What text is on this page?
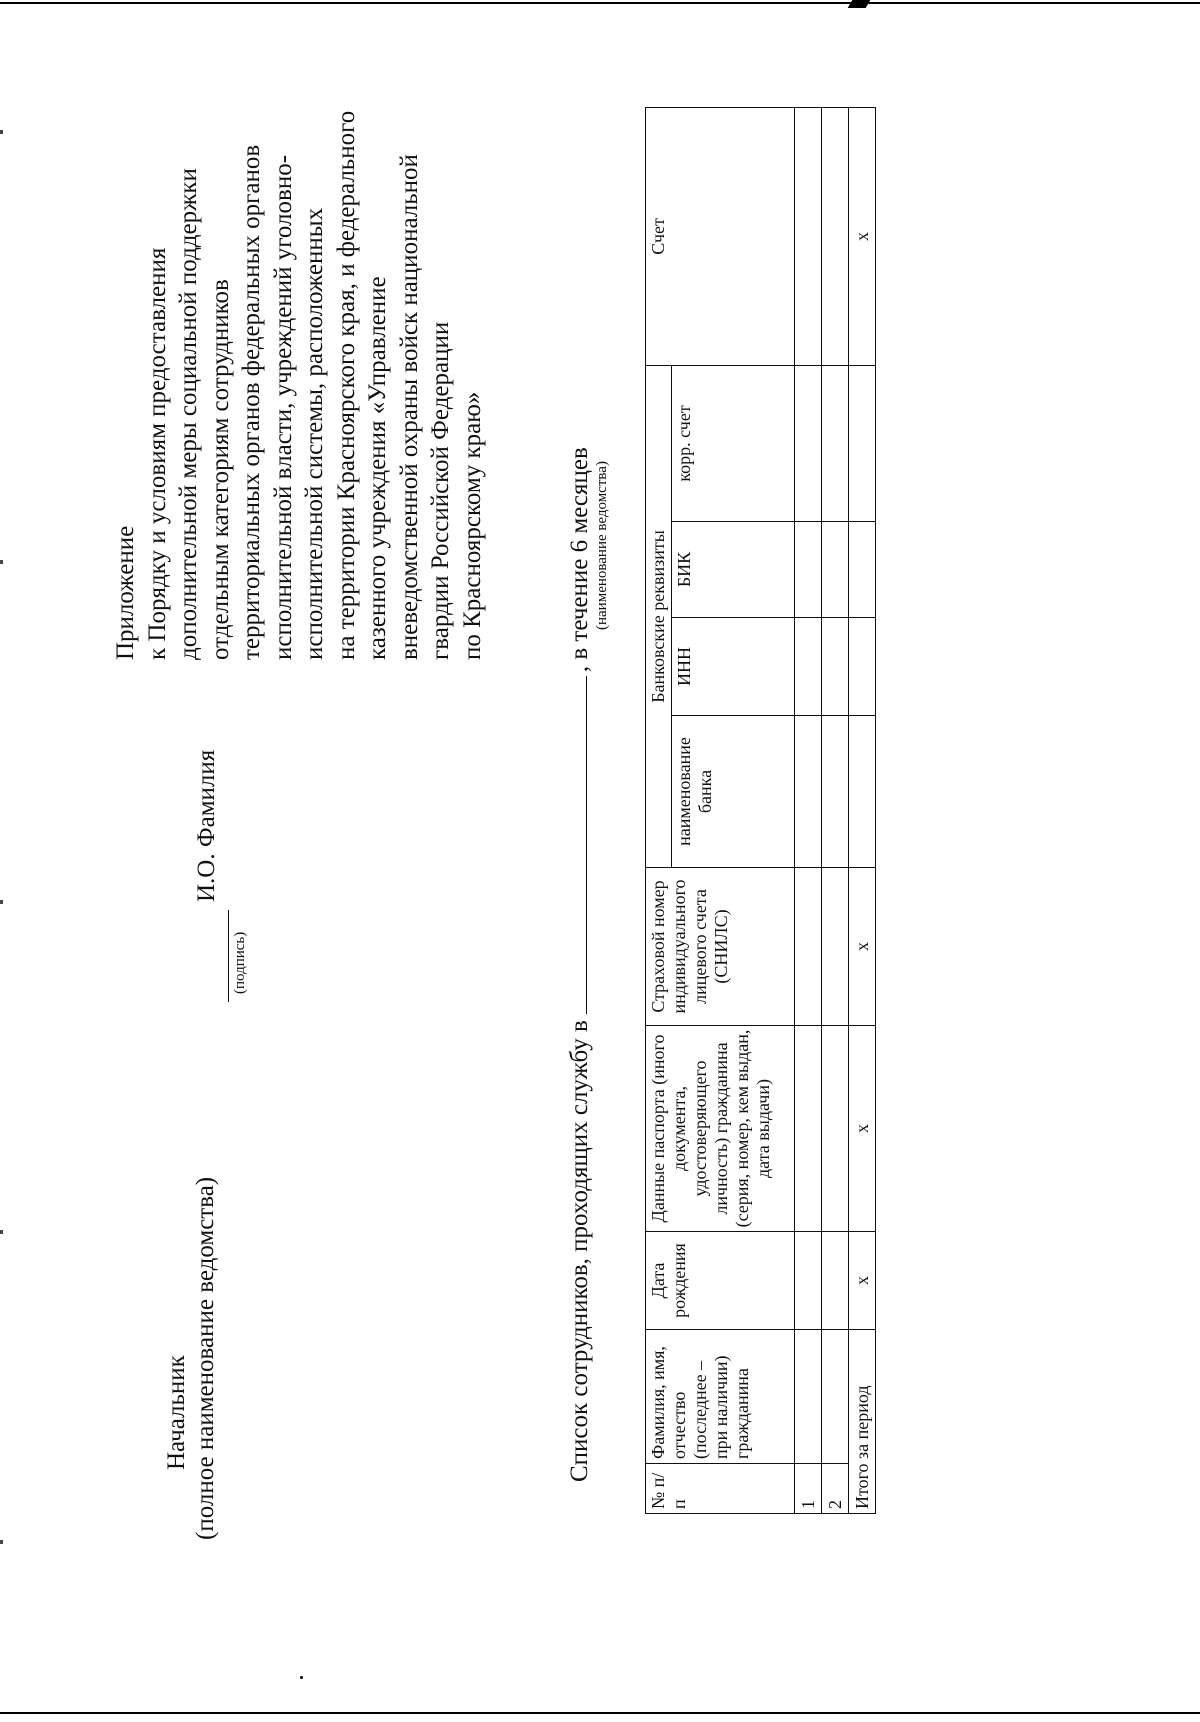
Приложение к Порядку и условиям предоставления дополнительной меры социальной поддержки отдельным категориям сотрудников территориальных органов федеральных органов исполнительной власти, учреждений уголовно- исполнительной системы, расположенных на территории Красноярского края, и федерального казенного учреждения «Управление вневедомственной охраны войск национальной гвардии Российской Федерации по Красноярскому краю»
Список сотрудников, проходящих службу в, в течение 6 месяцев (наименование ведомства)
№ п/п	Фамилия, имя, отчество (последнее – при наличии) гражданина	Дата рождения	Данные паспорта (иного документа, удостоверяющего личность) гражданина (серия, номер, кем выдан, дата выдачи)	Страховой номер индивидуального лицевого счета (СНИЛС)	Банковские реквизиты				Счет
					наименование банка	ИНН	БИК	корр. счет	
1									
2									
Итого за период		x	x	x					x
Начальник (полное наименование ведомства)
(подпись)
И.О. Фамилия
